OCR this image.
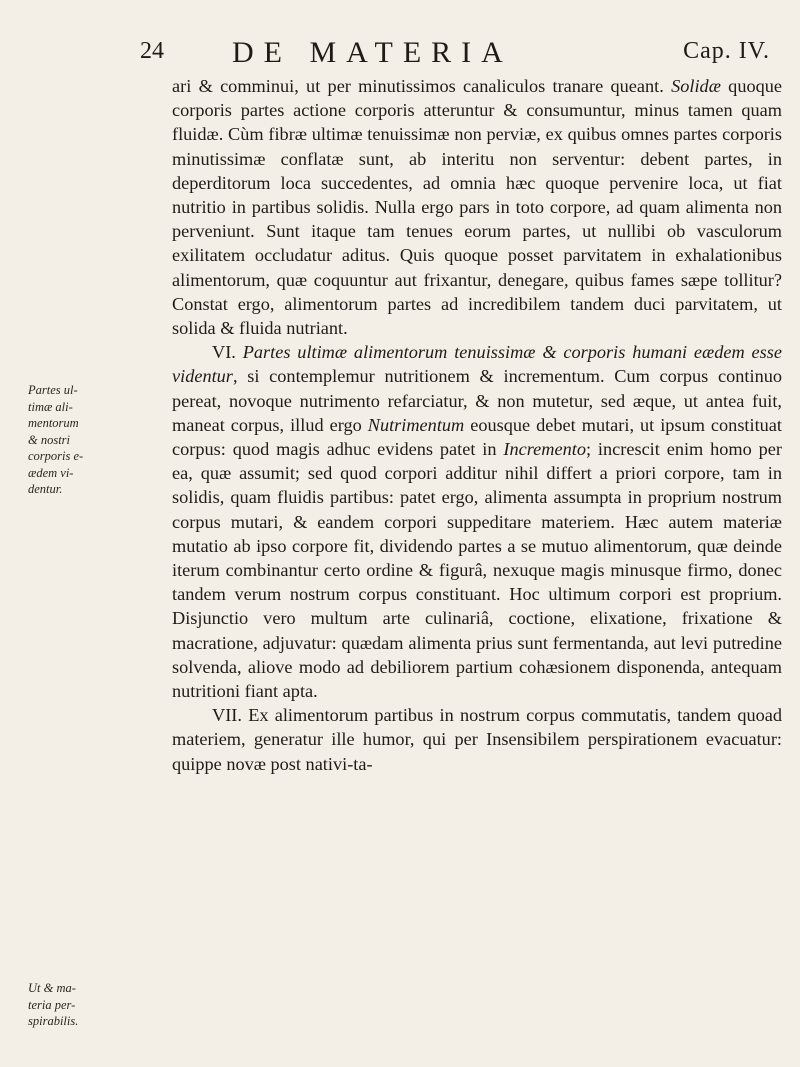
24 DE MATERIA	Cap. IV.
Partes ul-
timæ ali-
mentorum
& nostri
corporis e-
ædem vi-
dentur.
Ut & ma-
teria per-
spirabilis.

ari & comminui, ut per minutissimos canaliculos tranare queant. Solidæ quoque corporis partes actione corporis atteruntur & consumuntur, minus tamen quam fluidæ. Cùm fibræ ultimæ tenuissimæ non perviæ, ex quibus omnes partes corporis minutissimæ conflatæ sunt, ab interitu non serventur: debent partes, in deperditorum loca succedentes, ad omnia hæc quoque pervenire loca, ut fiat nutritio in partibus solidis. Nulla ergo pars in toto corpore, ad quam alimenta non perveniunt. Sunt itaque tam tenues eorum partes, ut nullibi ob vasculorum exilitatem occludatur aditus. Quis quoque posset parvitatem in exhalationibus alimentorum, quæ coquuntur aut frixantur, denegare, quibus fames sæpe tollitur? Constat ergo, alimentorum partes ad incredibilem tandem duci parvitatem, ut solida & fluida nutriant.

VI. Partes ultimæ alimentorum tenuissimæ & corporis humani eædem esse videntur, si contemplemur nutritionem & incrementum. Cum corpus continuo pereat, novoque nutrimento refarciatur, & non mutetur, sed æque, ut antea fuit, maneat corpus, illud ergo Nutrimentum eousque debet mutari, ut ipsum constituat corpus: quod magis adhuc evidens patet in Incremento; increscit enim homo per ea, quæ assumit; sed quod corpori additur nihil differt a priori corpore, tam in solidis, quam fluidis partibus: patet ergo, alimenta assumpta in proprium nostrum corpus mutari, & eandem corpori suppeditare materiem. Hæc autem materiæ mutatio ab ipso corpore fit, dividendo partes a se mutuo alimentorum, quæ deinde iterum combinantur certo ordine & figurâ, nexuque magis minusque firmo, donec tandem verum nostrum corpus constituant. Hoc ultimum corpori est proprium. Disjunctio vero multum arte culinariâ, coctione, elixatione, frixatione & macratione, adjuvatur: quædam alimenta prius sunt fermentanda, aut levi putredine solvenda, aliove modo ad debiliorem partium cohæsionem disponenda, antequam nutritioni fiant apta.

VII. Ex alimentorum partibus in nostrum corpus commutatis, tandem quoad materiem, generatur ille humor, qui per Insensibilem perspirationem evacuatur: quippe novæ post nativi-ta-
